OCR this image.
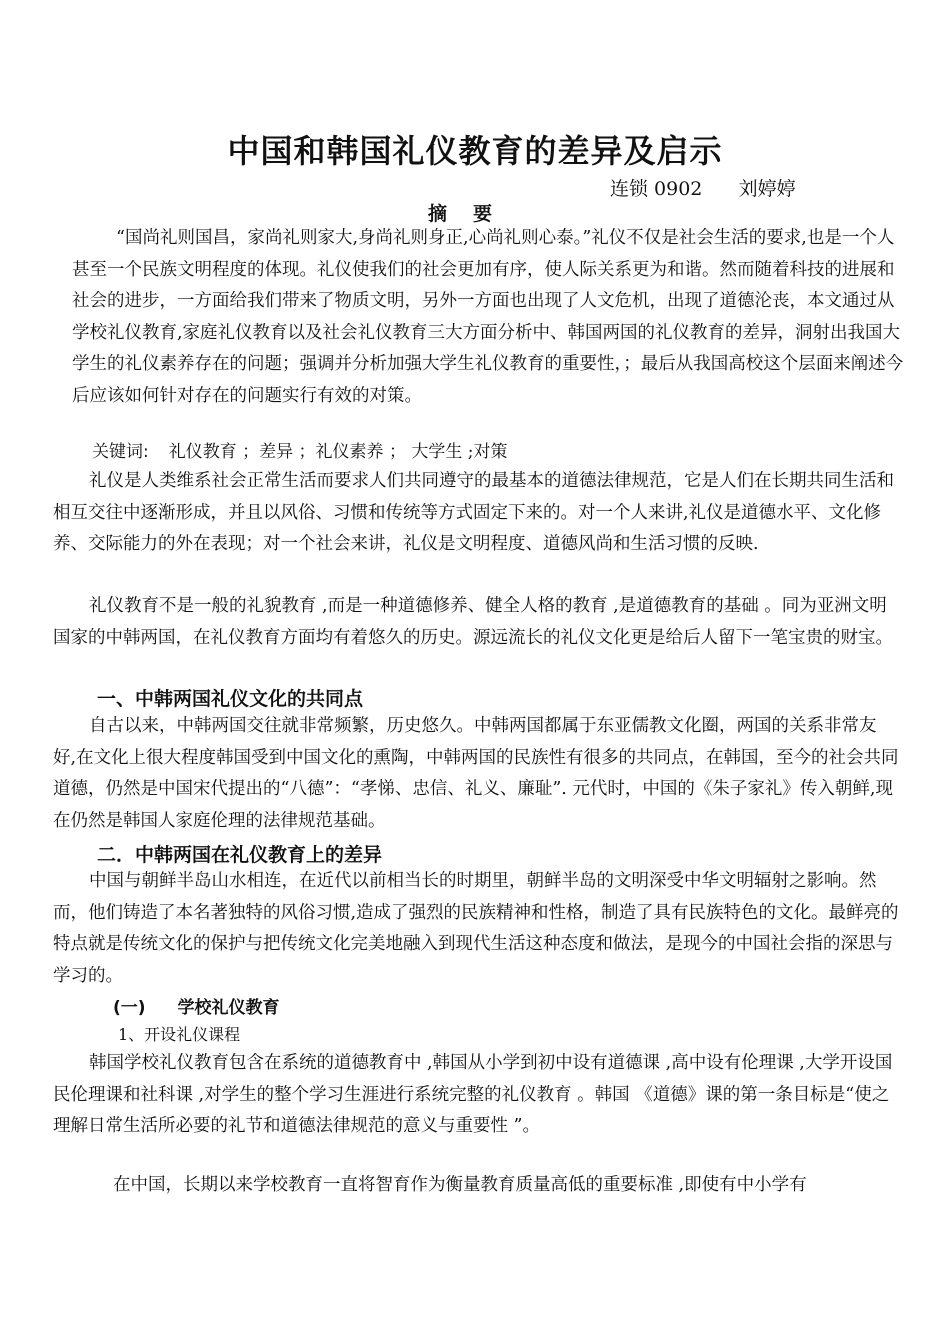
中国和韩国礼仪教育的差异及启示
连锁 0902      刘婷婷
摘要

“国尚礼则国昌，家尚礼则家大,身尚礼则身正,心尚礼则心泰。”礼仪不仅是社会生活的要求,也是一个人甚至一个民族文明程度的体现。礼仪使我们的社会更加有序，使人际关系更为和谐。然而随着科技的进展和社会的进步，一方面给我们带来了物质文明，另外一方面也出现了人文危机，出现了道德沦丧，本文通过从学校礼仪教育,家庭礼仪教育以及社会礼仪教育三大方面分析中、韩国两国的礼仪教育的差异，洞射出我国大学生的礼仪素养存在的问题；强调并分析加强大学生礼仪教育的重要性，；最后从我国高校这个层面来阐述今后应该如何针对存在的问题实行有效的对策。

关键词: 礼仪教育 ；差异 ；礼仪素养 ； 大学生 ;对策

礼仪是人类维系社会正常生活而要求人们共同遵守的最基本的道德法律规范，它是人们在长期共同生活和相互交往中逐渐形成，并且以风俗、习惯和传统等方式固定下来的。对一个人来讲,礼仪是道德水平、文化修养、交际能力的外在表现；对一个社会来讲，礼仪是文明程度、道德风尚和生活习惯的反映.

礼仪教育不是一般的礼貌教育 ,而是一种道德修养、健全人格的教育 ,是道德教育的基础 。同为亚洲文明国家的中韩两国，在礼仪教育方面均有着悠久的历史。源远流长的礼仪文化更是给后人留下一笔宝贵的财宝。

一、中韩两国礼仪文化的共同点

自古以来，中韩两国交往就非常频繁，历史悠久。中韩两国都属于东亚儒教文化圈，两国的关系非常友好,在文化上很大程度韩国受到中国文化的熏陶，中韩两国的民族性有很多的共同点，在韩国，至今的社会共同道德，仍然是中国宋代提出的“八德”：“孝悌、忠信、礼义、廉耻”. 元代时，中国的《朱子家礼》传入朝鲜,现在仍然是韩国人家庭伦理的法律规范基础。

二．中韩两国在礼仪教育上的差异

中国与朝鲜半岛山水相连，在近代以前相当长的时期里，朝鲜半岛的文明深受中华文明辐射之影响。然而，他们铸造了本名著独特的风俗习惯,造成了强烈的民族精神和性格，制造了具有民族特色的文化。最鲜亮的特点就是传统文化的保护与把传统文化完美地融入到现代生活这种态度和做法，是现今的中国社会指的深思与学习的。

(一) 学校礼仪教育
1、开设礼仪课程

韩国学校礼仪教育包含在系统的道德教育中 ,韩国从小学到初中设有道德课 ,高中设有伦理课 ,大学开设国民伦理课和社科课 ,对学生的整个学习生涯进行系统完整的礼仪教育 。韩国 《道德》课的第一条目标是“使之理解日常生活所必要的礼节和道德法律规范的意义与重要性 ”。

在中国，长期以来学校教育一直将智育作为衡量教育质量高低的重要标准 ,即使有中小学有
